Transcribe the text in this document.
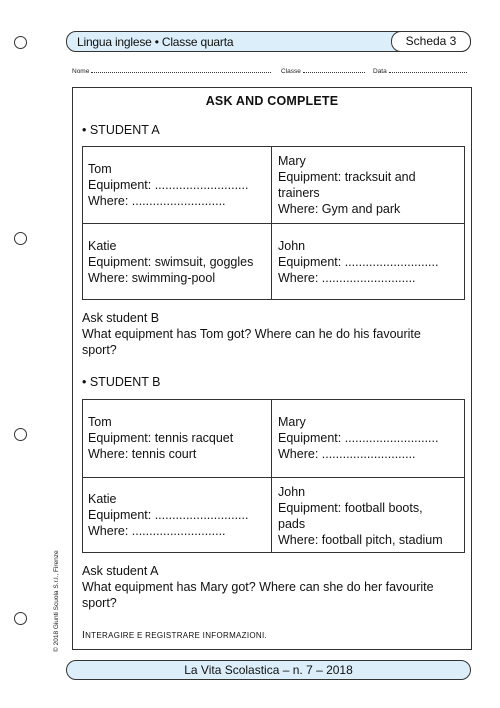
Lingua inglese • Classe quarta	Scheda 3
Nome	Classe	Data
ASK AND COMPLETE
• STUDENT A
Tom
Equipment: ...........................
Where: ...........................
Mary
Equipment: tracksuit and
trainers
Where: Gym and park
Katie
Equipment: swimsuit, goggles
Where: swimming-pool
John
Equipment: ...........................
Where: ...........................
Ask student B
What equipment has Tom got? Where can he do his favourite
sport?
• STUDENT B
Tom
Equipment: tennis racquet
Where: tennis court
Mary
Equipment: ...........................
Where: ...........................
Katie
Equipment: ...........................
Where: ...........................
John
Equipment: football boots,
pads
Where: football pitch, stadium
Ask student A
What equipment has Mary got? Where can she do her favourite
sport?
INTERAGIRE E REGISTRARE INFORMAZIONI.
© 2018 Giunti Scuola S.r.l., Firenze
La Vita Scolastica – n. 7 – 2018
